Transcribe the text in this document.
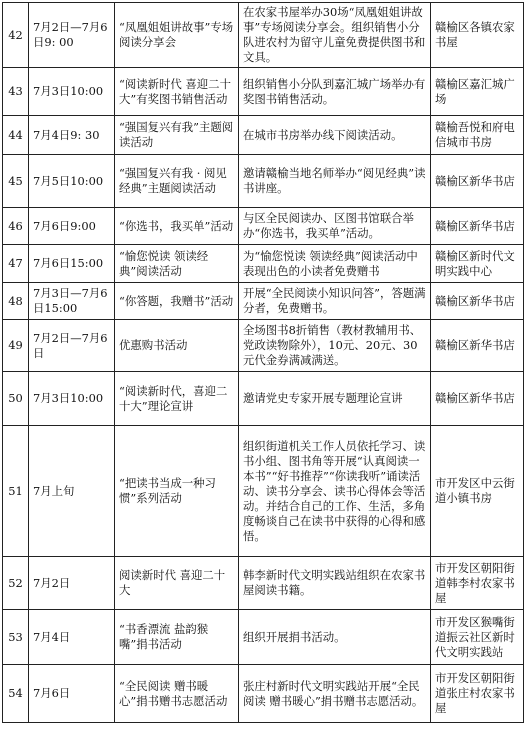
42	7月2日—7月6日9: 00	“凤凰姐姐讲故事”专场阅读分享会	在农家书屋举办30场“凤凰姐姐讲故事”专场阅读分享会。组织销售小分队进农村为留守儿童免费提供图书和文具。	赣榆区各镇农家书屋
43	7月3日10:00	“阅读新时代 喜迎二十大”有奖图书销售活动	组织销售小分队到嘉汇城广场举办有奖图书销售活动。	赣榆区嘉汇城广场
44	7月4日9: 30	“强国复兴有我”主题阅读活动	在城市书房举办线下阅读活动。	赣榆吾悦和府电信城市书房
45	7月5日10:00	“强国复兴有我 · 阅见经典”主题阅读活动	邀请赣榆当地名师举办“阅见经典”读书讲座。	赣榆区新华书店
46	7月6日9:00	“你选书，我买单”活动	与区全民阅读办、区图书馆联合举办“你选书，我买单”活动。	赣榆区新华书店
47	7月6日15:00	“愉您悦读 领读经典”阅读活动	为“愉您悦读 领读经典”阅读活动中表现出色的小读者免费赠书	赣榆区新时代文明实践中心
48	7月3日—7月6日15:00	“你答题，我赠书”活动	开展“全民阅读小知识问答”，答题满分者，免费赠书。	赣榆区新华书店
49	7月2日—7月6日	优惠购书活动	全场图书8折销售（教材教辅用书、党政读物除外），10元、20元、30元代金券满减满送。	赣榆区新华书店
50	7月3日10:00	“阅读新时代，喜迎二十大”理论宣讲	邀请党史专家开展专题理论宣讲	赣榆区新华书店
51	7月上旬	“把读书当成一种习惯”系列活动	组织街道机关工作人员依托学习、读书小组、图书角等开展“认真阅读一本书”“好书推荐”“你读我听”诵读活动、读书分享会、读书心得体会等活动。并结合自己的工作、生活，多角度畅谈自己在读书中获得的心得和感悟。	市开发区中云街道小镇书房
52	7月2日	阅读新时代 喜迎二十大	韩李新时代文明实践站组织在农家书屋阅读书籍。	市开发区朝阳街道韩李村农家书屋
53	7月4日	“书香漂流 盐韵猴嘴”捐书活动	组织开展捐书活动。	市开发区猴嘴街道振云社区新时代文明实践站
54	7月6日	“全民阅读 赠书暖心”捐书赠书志愿活动	张庄村新时代文明实践站开展“全民阅读 赠书暖心”捐书赠书志愿活动。	市开发区朝阳街道张庄村农家书屋
